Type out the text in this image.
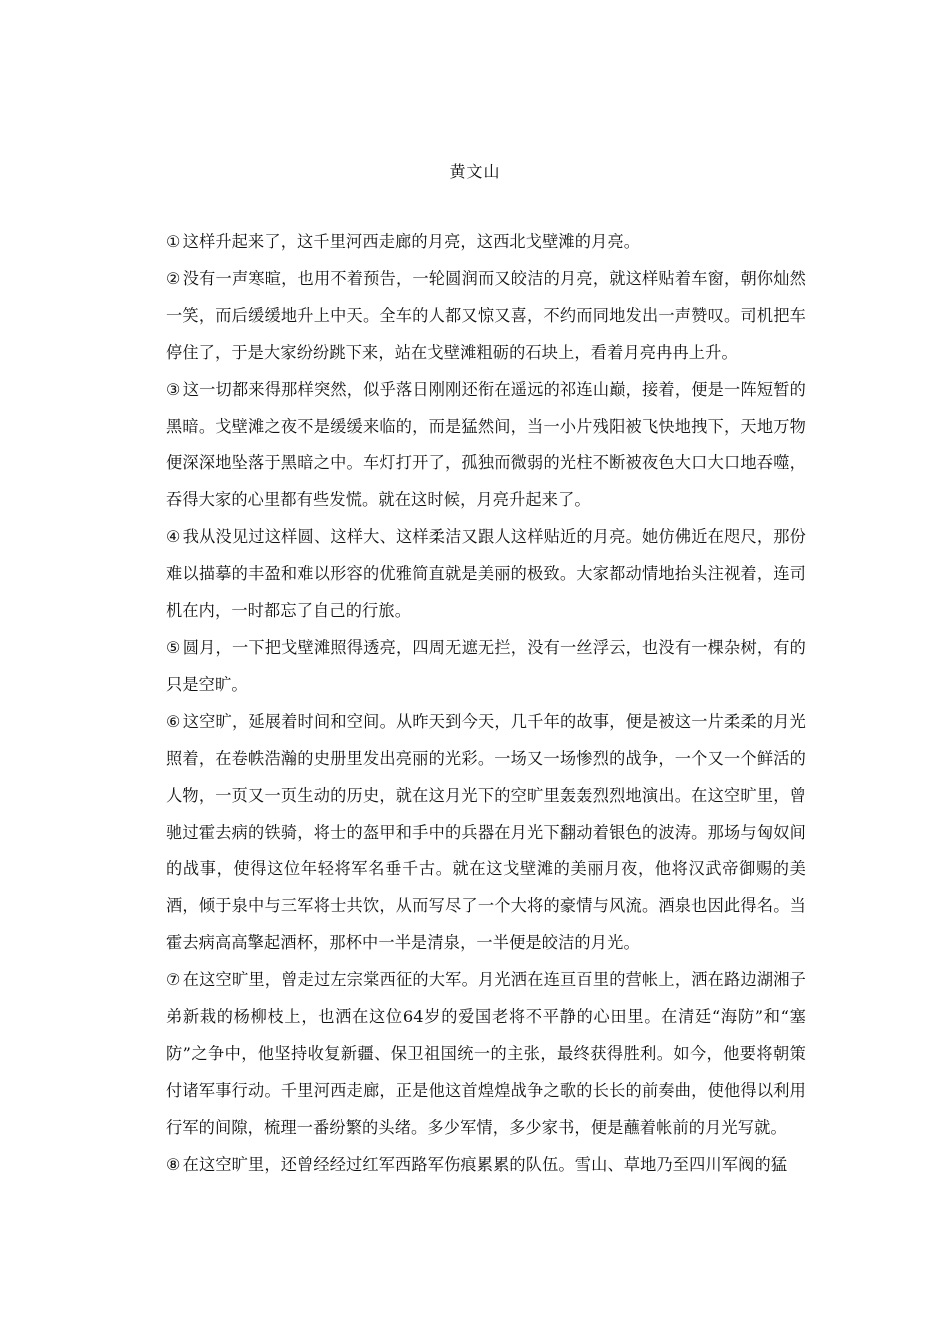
黄文山

① 这样升起来了，这千里河西走廊的月亮，这西北戈壁滩的月亮。

② 没有一声寒暄，也用不着预告，一轮圆润而又皎洁的月亮，就这样贴着车窗，朝你灿然一笑，而后缓缓地升上中天。全车的人都又惊又喜，不约而同地发出一声赞叹。司机把车停住了，于是大家纷纷跳下来，站在戈壁滩粗砺的石块上，看着月亮冉冉上升。

③ 这一切都来得那样突然，似乎落日刚刚还衔在遥远的祁连山巅，接着，便是一阵短暂的黑暗。戈壁滩之夜不是缓缓来临的，而是猛然间，当一小片残阳被飞快地拽下，天地万物便深深地坠落于黑暗之中。车灯打开了，孤独而微弱的光柱不断被夜色大口大口地吞噬，吞得大家的心里都有些发慌。就在这时候，月亮升起来了。

④ 我从没见过这样圆、这样大、这样柔洁又跟人这样贴近的月亮。她仿佛近在咫尺，那份难以描摹的丰盈和难以形容的优雅简直就是美丽的极致。大家都动情地抬头注视着，连司机在内，一时都忘了自己的行旅。

⑤ 圆月，一下把戈壁滩照得透亮，四周无遮无拦，没有一丝浮云，也没有一棵杂树，有的只是空旷。

⑥ 这空旷，延展着时间和空间。从昨天到今天，几千年的故事，便是被这一片柔柔的月光照着，在卷帙浩瀚的史册里发出亮丽的光彩。一场又一场惨烈的战争，一个又一个鲜活的人物，一页又一页生动的历史，就在这月光下的空旷里轰轰烈烈地演出。在这空旷里，曾驰过霍去病的铁骑，将士的盔甲和手中的兵器在月光下翻动着银色的波涛。那场与匈奴间的战事，使得这位年轻将军名垂千古。就在这戈壁滩的美丽月夜，他将汉武帝御赐的美酒，倾于泉中与三军将士共饮，从而写尽了一个大将的豪情与风流。酒泉也因此得名。当霍去病高高擎起酒杯，那杯中一半是清泉，一半便是皎洁的月光。

⑦ 在这空旷里，曾走过左宗棠西征的大军。月光洒在连亘百里的营帐上，洒在路边湖湘子弟新栽的杨柳枝上，也洒在这位64岁的爱国老将不平静的心田里。在清廷“海防”和“塞防”之争中，他坚持收复新疆、保卫祖国统一的主张，最终获得胜利。如今，他要将朝策付诸军事行动。千里河西走廊，正是他这首煌煌战争之歌的长长的前奏曲，使他得以利用行军的间隙，梳理一番纷繁的头绪。多少军情，多少家书，便是蘸着帐前的月光写就。

⑧ 在这空旷里，还曾经经过红军西路军伤痕累累的队伍。雪山、草地乃至四川军阀的猛
